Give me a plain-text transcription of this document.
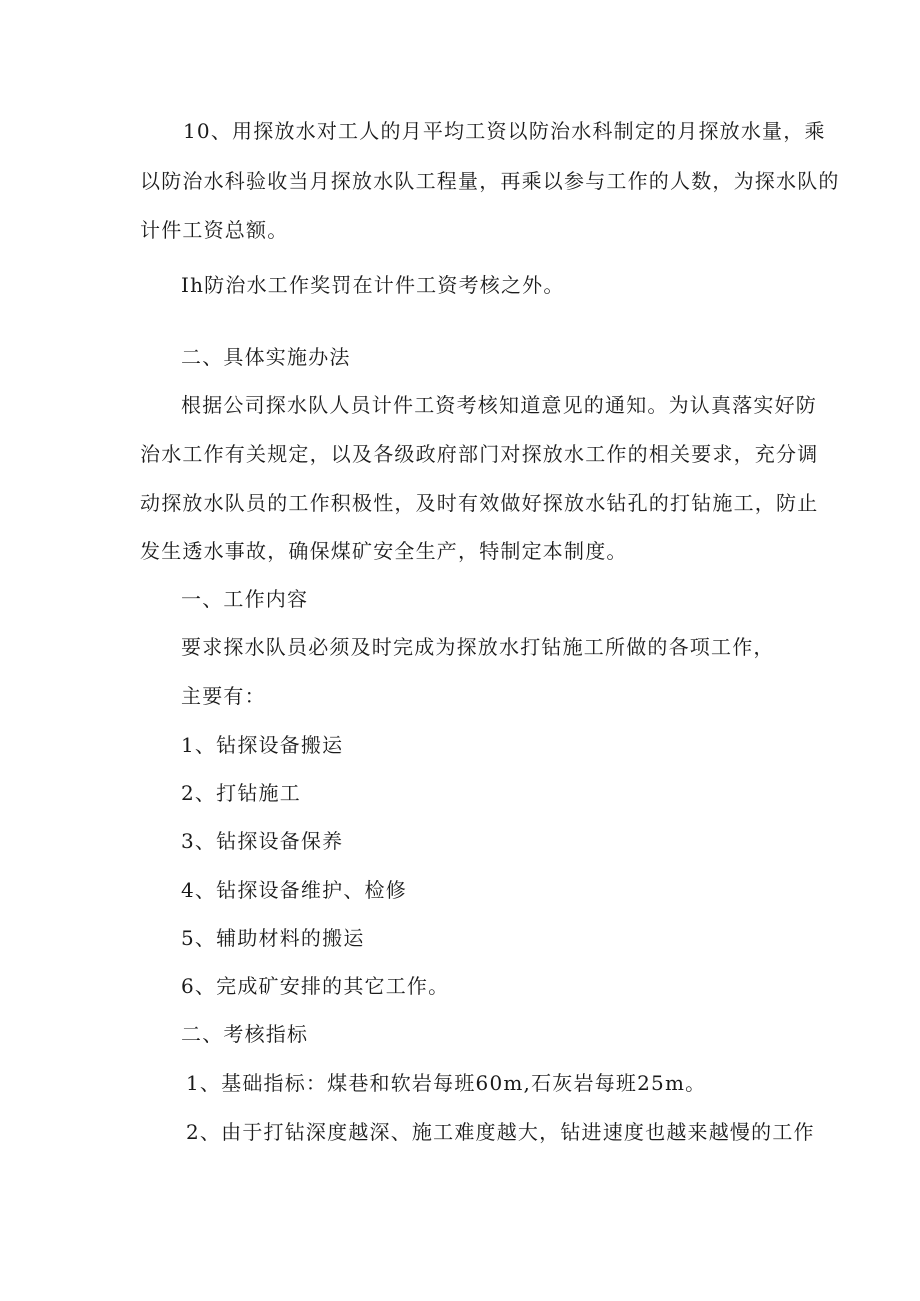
10、用探放水对工人的月平均工资以防治水科制定的月探放水量，乘
以防治水科验收当月探放水队工程量，再乘以参与工作的人数，为探水队的
计件工资总额。
Ih防治水工作奖罚在计件工资考核之外。
二、具体实施办法
根据公司探水队人员计件工资考核知道意见的通知。为认真落实好防
治水工作有关规定，以及各级政府部门对探放水工作的相关要求，充分调
动探放水队员的工作积极性，及时有效做好探放水钻孔的打钻施工，防止
发生透水事故，确保煤矿安全生产，特制定本制度。
一、工作内容
要求探水队员必须及时完成为探放水打钻施工所做的各项工作，
主要有：
1、钻探设备搬运
2、打钻施工
3、钻探设备保养
4、钻探设备维护、检修
5、辅助材料的搬运
6、完成矿安排的其它工作。
二、考核指标
1、基础指标：煤巷和软岩每班60m,石灰岩每班25m。
2、由于打钻深度越深、施工难度越大，钻进速度也越来越慢的工作
